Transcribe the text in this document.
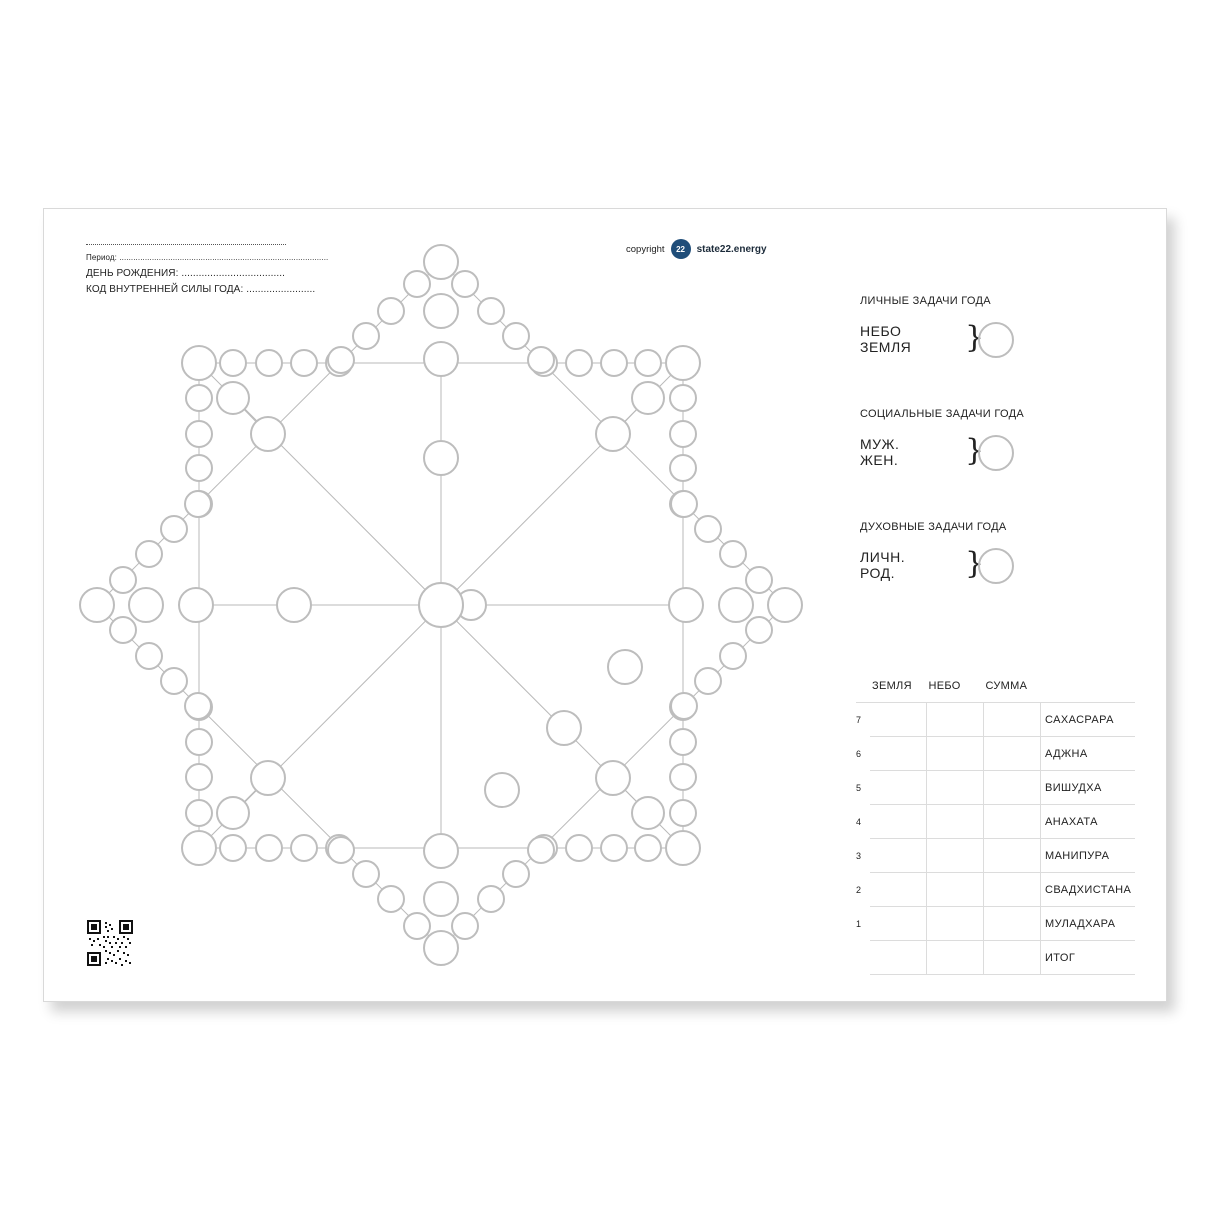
Период: ..........................................................................................
ДЕНЬ РОЖДЕНИЯ: ....................................
КОД ВНУТРЕННЕЙ СИЛЫ ГОДА: ........................
copyright	22	state22.energy
ЛИЧНЫЕ ЗАДАЧИ ГОДА
НЕБО
ЗЕМЛЯ }
СОЦИАЛЬНЫЕ ЗАДАЧИ ГОДА
МУЖ.
ЖЕН. }
ДУХОВНЫЕ ЗАДАЧИ ГОДА
ЛИЧН.
РОД.	}
	ЗЕМЛЯ	НЕБО	СУММА	
7				САХАСРАРА
6				АДЖНА
5				ВИШУДХА
4				АНАХАТА
3				МАНИПУРА
2				СВАДХИСТАНА
1				МУЛАДХАРА
				ИТОГ
